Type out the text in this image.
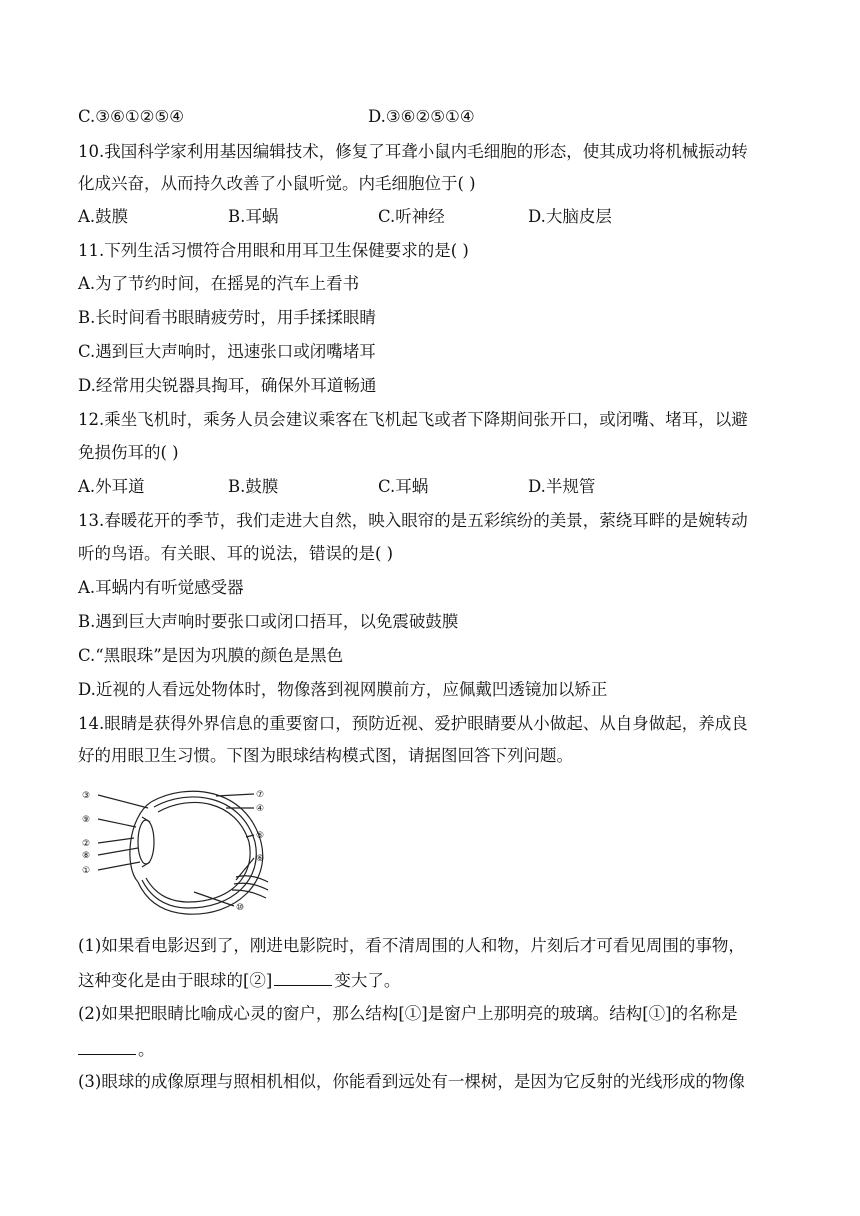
C.③⑥①②⑤④	D.③⑥②⑤①④
10.我国科学家利用基因编辑技术，修复了耳聋小鼠内毛细胞的形态，使其成功将机械振动转
化成兴奋，从而持久改善了小鼠听觉。内毛细胞位于( )
A.鼓膜	B.耳蜗	C.听神经	D.大脑皮层
11.下列生活习惯符合用眼和用耳卫生保健要求的是( )
A.为了节约时间，在摇晃的汽车上看书
B.长时间看书眼睛疲劳时，用手揉揉眼睛
C.遇到巨大声响时，迅速张口或闭嘴堵耳
D.经常用尖锐器具掏耳，确保外耳道畅通
12.乘坐飞机时，乘务人员会建议乘客在飞机起飞或者下降期间张开口，或闭嘴、堵耳，以避
免损伤耳的( )
A.外耳道	B.鼓膜	C.耳蜗	D.半规管
13.春暖花开的季节，我们走进大自然，映入眼帘的是五彩缤纷的美景，萦绕耳畔的是婉转动
听的鸟语。有关眼、耳的说法，错误的是( )
A.耳蜗内有听觉感受器
B.遇到巨大声响时要张口或闭口捂耳，以免震破鼓膜
C.“黑眼珠”是因为巩膜的颜色是黑色
D.近视的人看远处物体时，物像落到视网膜前方，应佩戴凹透镜加以矫正
14.眼睛是获得外界信息的重要窗口，预防近视、爱护眼睛要从小做起、从自身做起，养成良
好的用眼卫生习惯。下图为眼球结构模式图，请据图回答下列问题。
③
⑨
②
⑧
①
⑦
④
⑤
⑥
⑩
(1)如果看电影迟到了，刚进电影院时，看不清周围的人和物，片刻后才可看见周围的事物，
这种变化是由于眼球的[②]	变大了。
(2)如果把眼睛比喻成心灵的窗户，那么结构[①]是窗户上那明亮的玻璃。结构[①]的名称是
。
(3)眼球的成像原理与照相机相似，你能看到远处有一棵树，是因为它反射的光线形成的物像
